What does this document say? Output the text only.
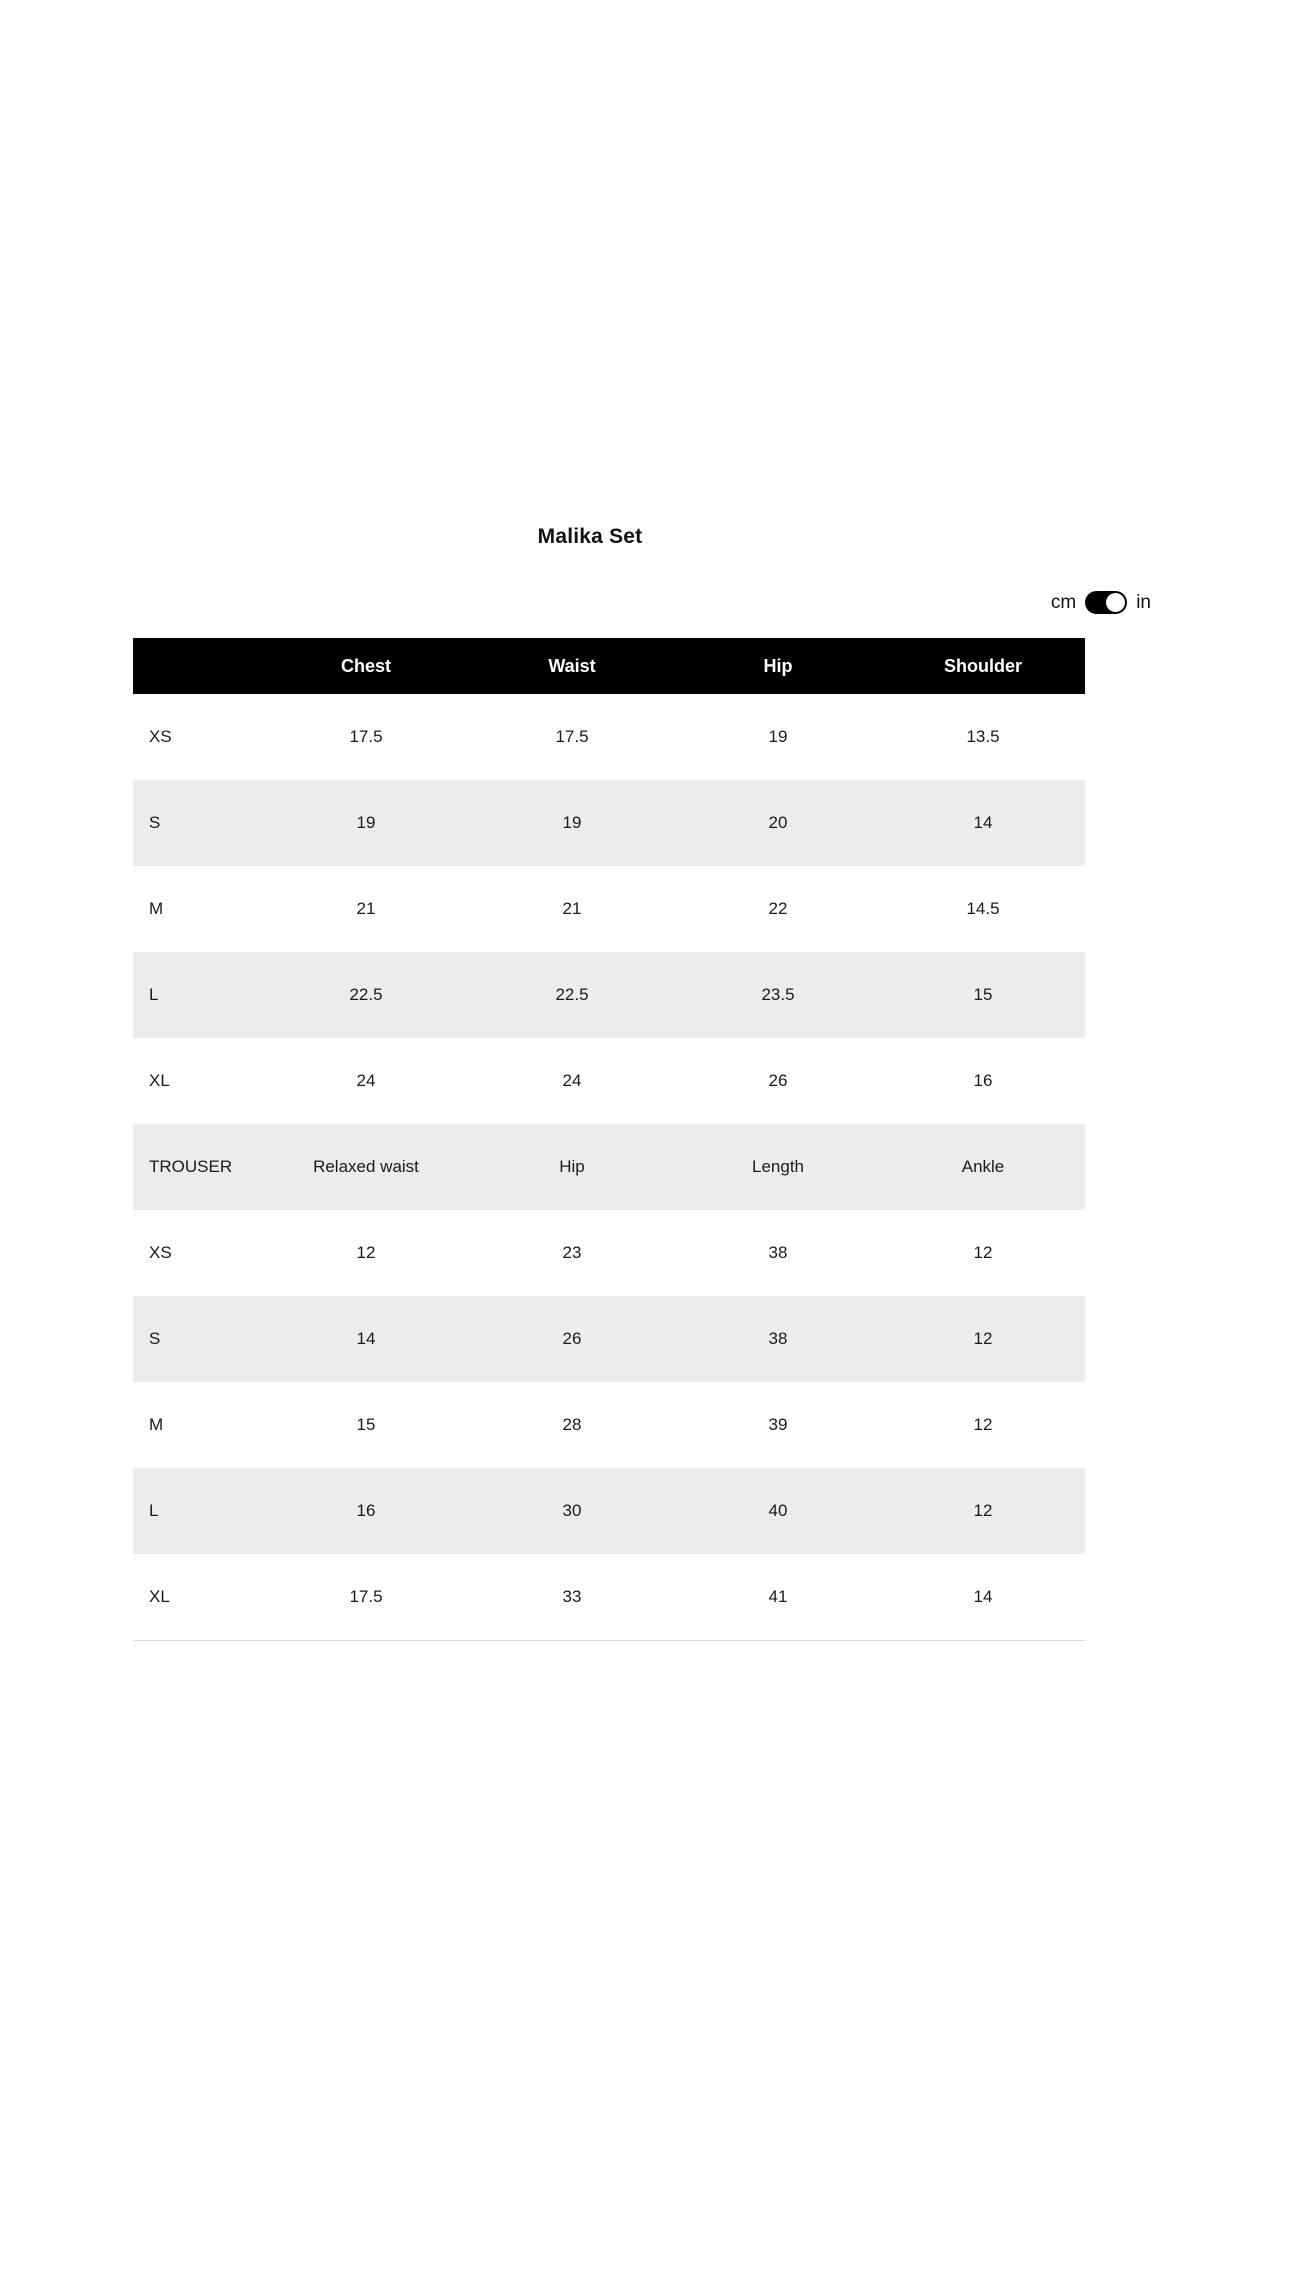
Malika Set
cm	in
	Chest	Waist	Hip	Shoulder
XS	17.5	17.5	19	13.5
S	19	19	20	14
M	21	21	22	14.5
L	22.5	22.5	23.5	15
XL	24	24	26	16
TROUSER	Relaxed waist	Hip	Length	Ankle
XS	12	23	38	12
S	14	26	38	12
M	15	28	39	12
L	16	30	40	12
XL	17.5	33	41	14
